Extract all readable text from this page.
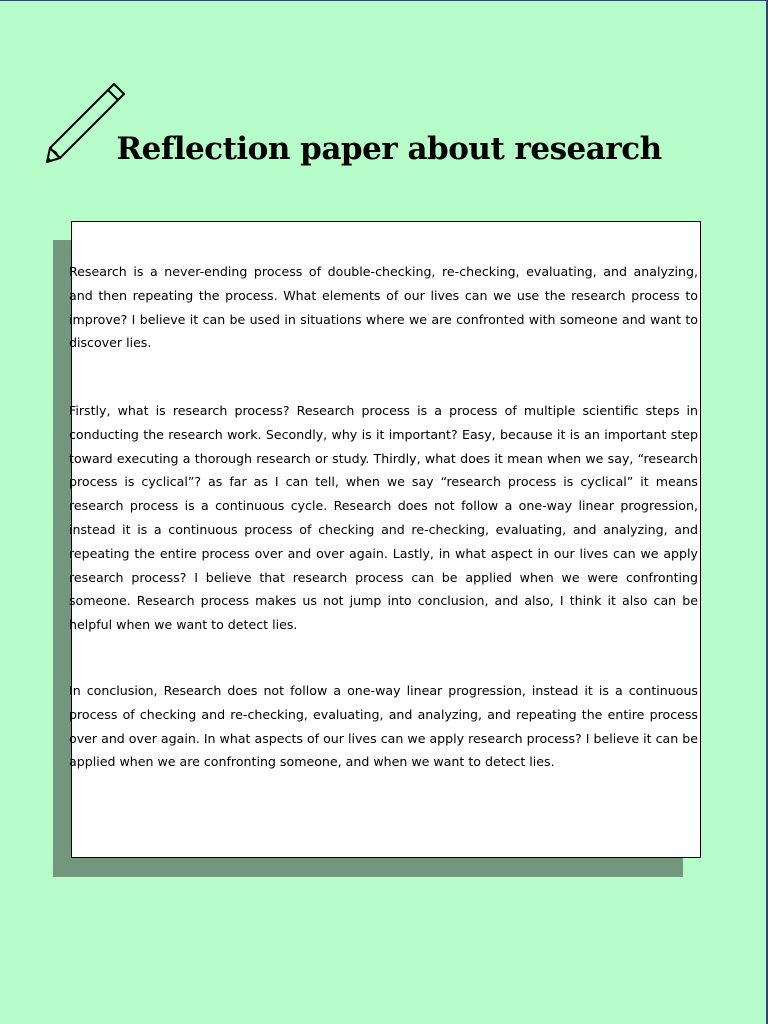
Reflection paper about research

Research is a never-ending process of double-checking, re-checking, evaluating, and analyzing, and then repeating the process. What elements of our lives can we use the research process to improve? I believe it can be used in situations where we are confronted with someone and want to discover lies.

Firstly, what is research process? Research process is a process of multiple scientific steps in conducting the research work. Secondly, why is it important? Easy, because it is an important step toward executing a thorough research or study. Thirdly, what does it mean when we say, “research process is cyclical”? as far as I can tell, when we say “research process is cyclical” it means research process is a continuous cycle. Research does not follow a one-way linear progression, instead it is a continuous process of checking and re-checking, evaluating, and analyzing, and repeating the entire process over and over again. Lastly, in what aspect in our lives can we apply research process? I believe that research process can be applied when we were confronting someone. Research process makes us not jump into conclusion, and also, I think it also can be helpful when we want to detect lies.

In conclusion, Research does not follow a one-way linear progression, instead it is a continuous process of checking and re-checking, evaluating, and analyzing, and repeating the entire process over and over again. In what aspects of our lives can we apply research process? I believe it can be applied when we are confronting someone, and when we want to detect lies.
